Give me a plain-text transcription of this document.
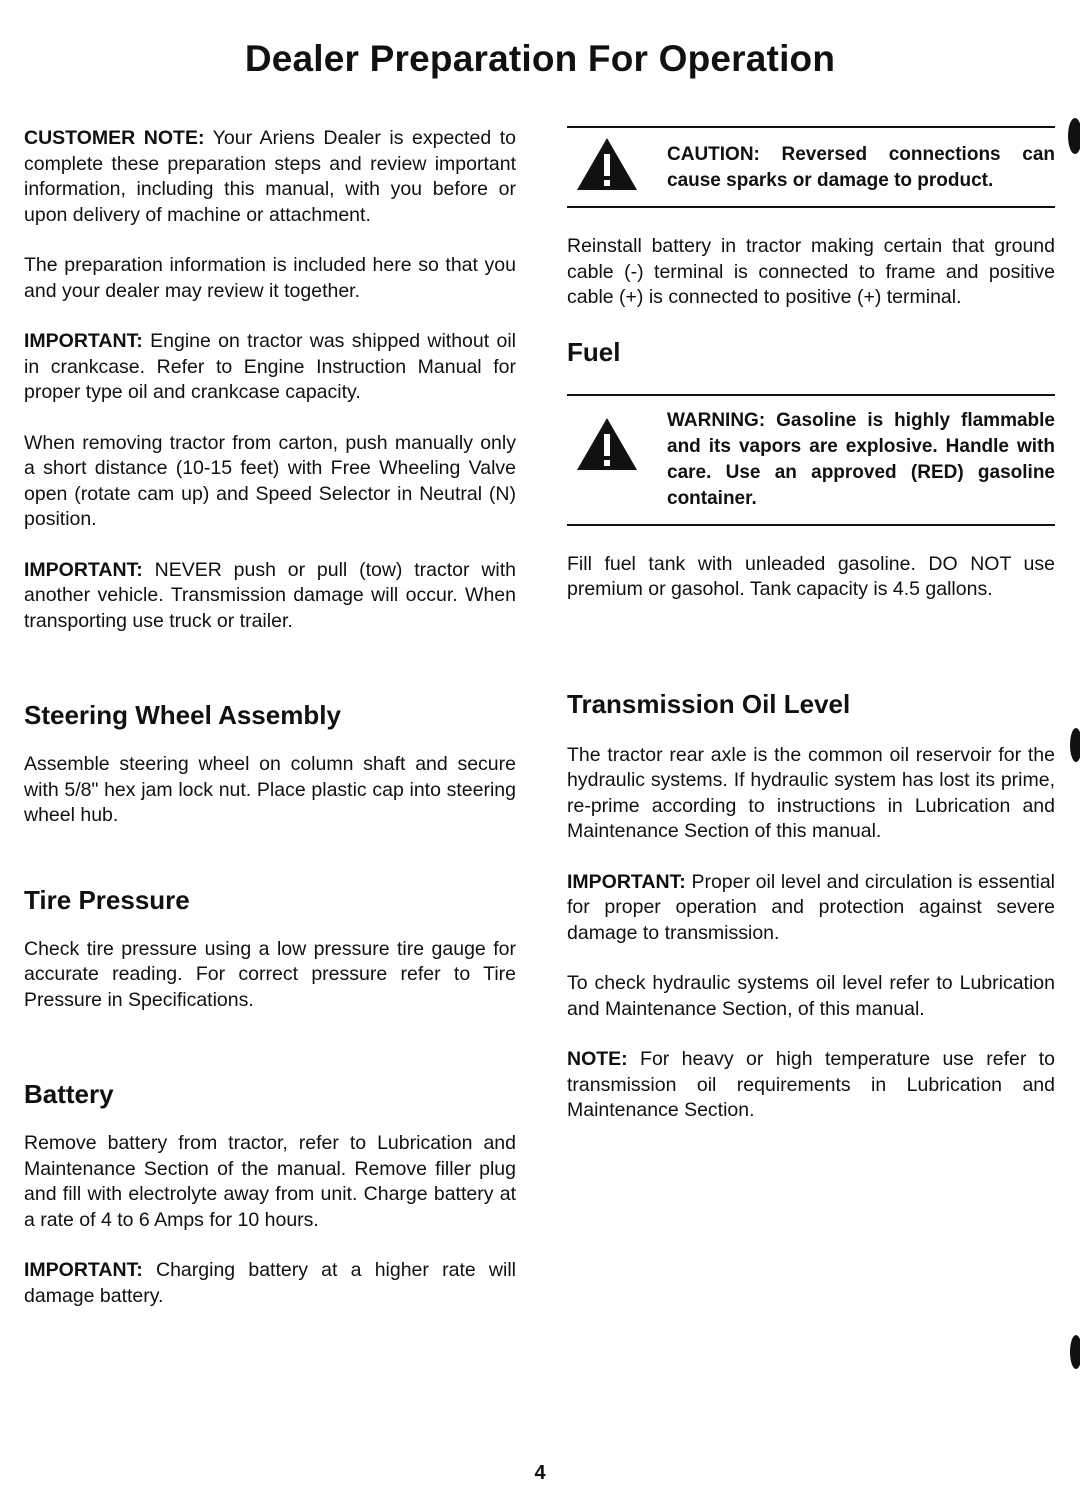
Dealer Preparation For Operation

CUSTOMER NOTE: Your Ariens Dealer is expected to complete these preparation steps and review important information, including this manual, with you before or upon delivery of machine or attachment.

The preparation information is included here so that you and your dealer may review it together.

IMPORTANT: Engine on tractor was shipped without oil in crankcase. Refer to Engine Instruction Manual for proper type oil and crankcase capacity.

When removing tractor from carton, push manually only a short distance (10-15 feet) with Free Wheeling Valve open (rotate cam up) and Speed Selector in Neutral (N) position.

IMPORTANT: NEVER push or pull (tow) tractor with another vehicle. Transmission damage will occur. When transporting use truck or trailer.

Steering Wheel Assembly

Assemble steering wheel on column shaft and secure with 5/8" hex jam lock nut. Place plastic cap into steering wheel hub.

Tire Pressure

Check tire pressure using a low pressure tire gauge for accurate reading. For correct pressure refer to Tire Pressure in Specifications.

Battery

Remove battery from tractor, refer to Lubrication and Maintenance Section of the manual. Remove filler plug and fill with electrolyte away from unit. Charge battery at a rate of 4 to 6 Amps for 10 hours.

IMPORTANT: Charging battery at a higher rate will damage battery.

CAUTION: Reversed connections can cause sparks or damage to product.

Reinstall battery in tractor making certain that ground cable (-) terminal is connected to frame and positive cable (+) is connected to positive (+) terminal.

Fuel
WARNING: Gasoline is highly flammable and its vapors are explosive. Handle with care. Use an approved (RED) gasoline container.

Fill fuel tank with unleaded gasoline. DO NOT use premium or gasohol. Tank capacity is 4.5 gallons.

Transmission Oil Level

The tractor rear axle is the common oil reservoir for the hydraulic systems. If hydraulic system has lost its prime, re-prime according to instructions in Lubrication and Maintenance Section of this manual.

IMPORTANT: Proper oil level and circulation is essential for proper operation and protection against severe damage to transmission.

To check hydraulic systems oil level refer to Lubrication and Maintenance Section, of this manual.

NOTE: For heavy or high temperature use refer to transmission oil requirements in Lubrication and Maintenance Section.

4
